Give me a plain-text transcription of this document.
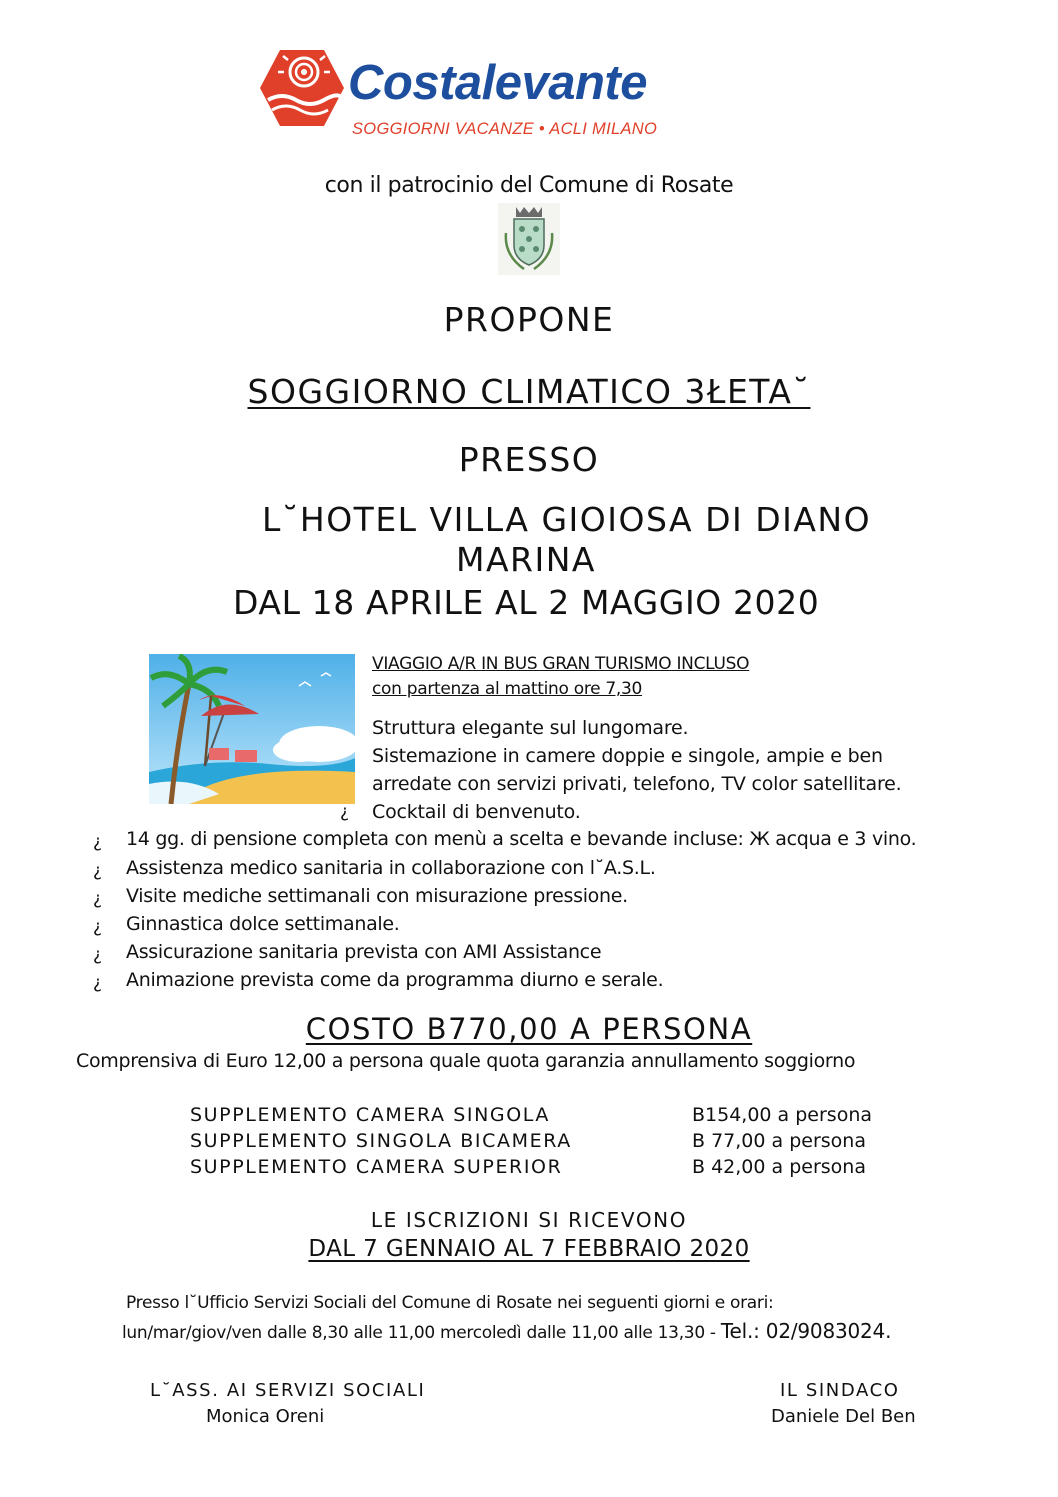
Costalevante
SOGGIORNI VACANZE • ACLI MILANO
con il patrocinio del Comune di Rosate
PROPONE
SOGGIORNO CLIMATICO 3ŁETA˘
PRESSO
L˘HOTEL VILLA GIOIOSA DI DIANO
MARINA
DAL 18 APRILE AL 2 MAGGIO 2020
VIAGGIO A/R IN BUS GRAN TURISMO INCLUSO
con partenza al mattino ore 7,30
Struttura elegante sul lungomare.
Sistemazione in camere doppie e singole, ampie e ben
arredate con servizi privati, telefono, TV color satellitare.
¿ Cocktail di benvenuto.
¿ 14 gg. di pensione completa con menù a scelta e bevande incluse: Ж acqua e 3 vino.
¿ Assistenza medico sanitaria in collaborazione con l˘A.S.L.
¿ Visite mediche settimanali con misurazione pressione.
¿ Ginnastica dolce settimanale.
¿ Assicurazione sanitaria prevista con AMI Assistance
¿ Animazione prevista come da programma diurno e serale.
COSTO B770,00 A PERSONA
Comprensiva di Euro 12,00 a persona quale quota garanzia annullamento soggiorno
SUPPLEMENTO CAMERA SINGOLA	B154,00 a persona
SUPPLEMENTO SINGOLA BICAMERA	B 77,00 a persona
SUPPLEMENTO CAMERA SUPERIOR	B 42,00 a persona
LE ISCRIZIONI SI RICEVONO
DAL 7 GENNAIO AL 7 FEBBRAIO 2020
Presso l˘Ufficio Servizi Sociali del Comune di Rosate nei seguenti giorni e orari:
lun/mar/giov/ven dalle 8,30 alle 11,00 mercoledì dalle 11,00 alle 13,30 - Tel.: 02/9083024.
L˘ASS. AI SERVIZI SOCIALI
Monica Oreni
IL SINDACO
Daniele Del Ben
